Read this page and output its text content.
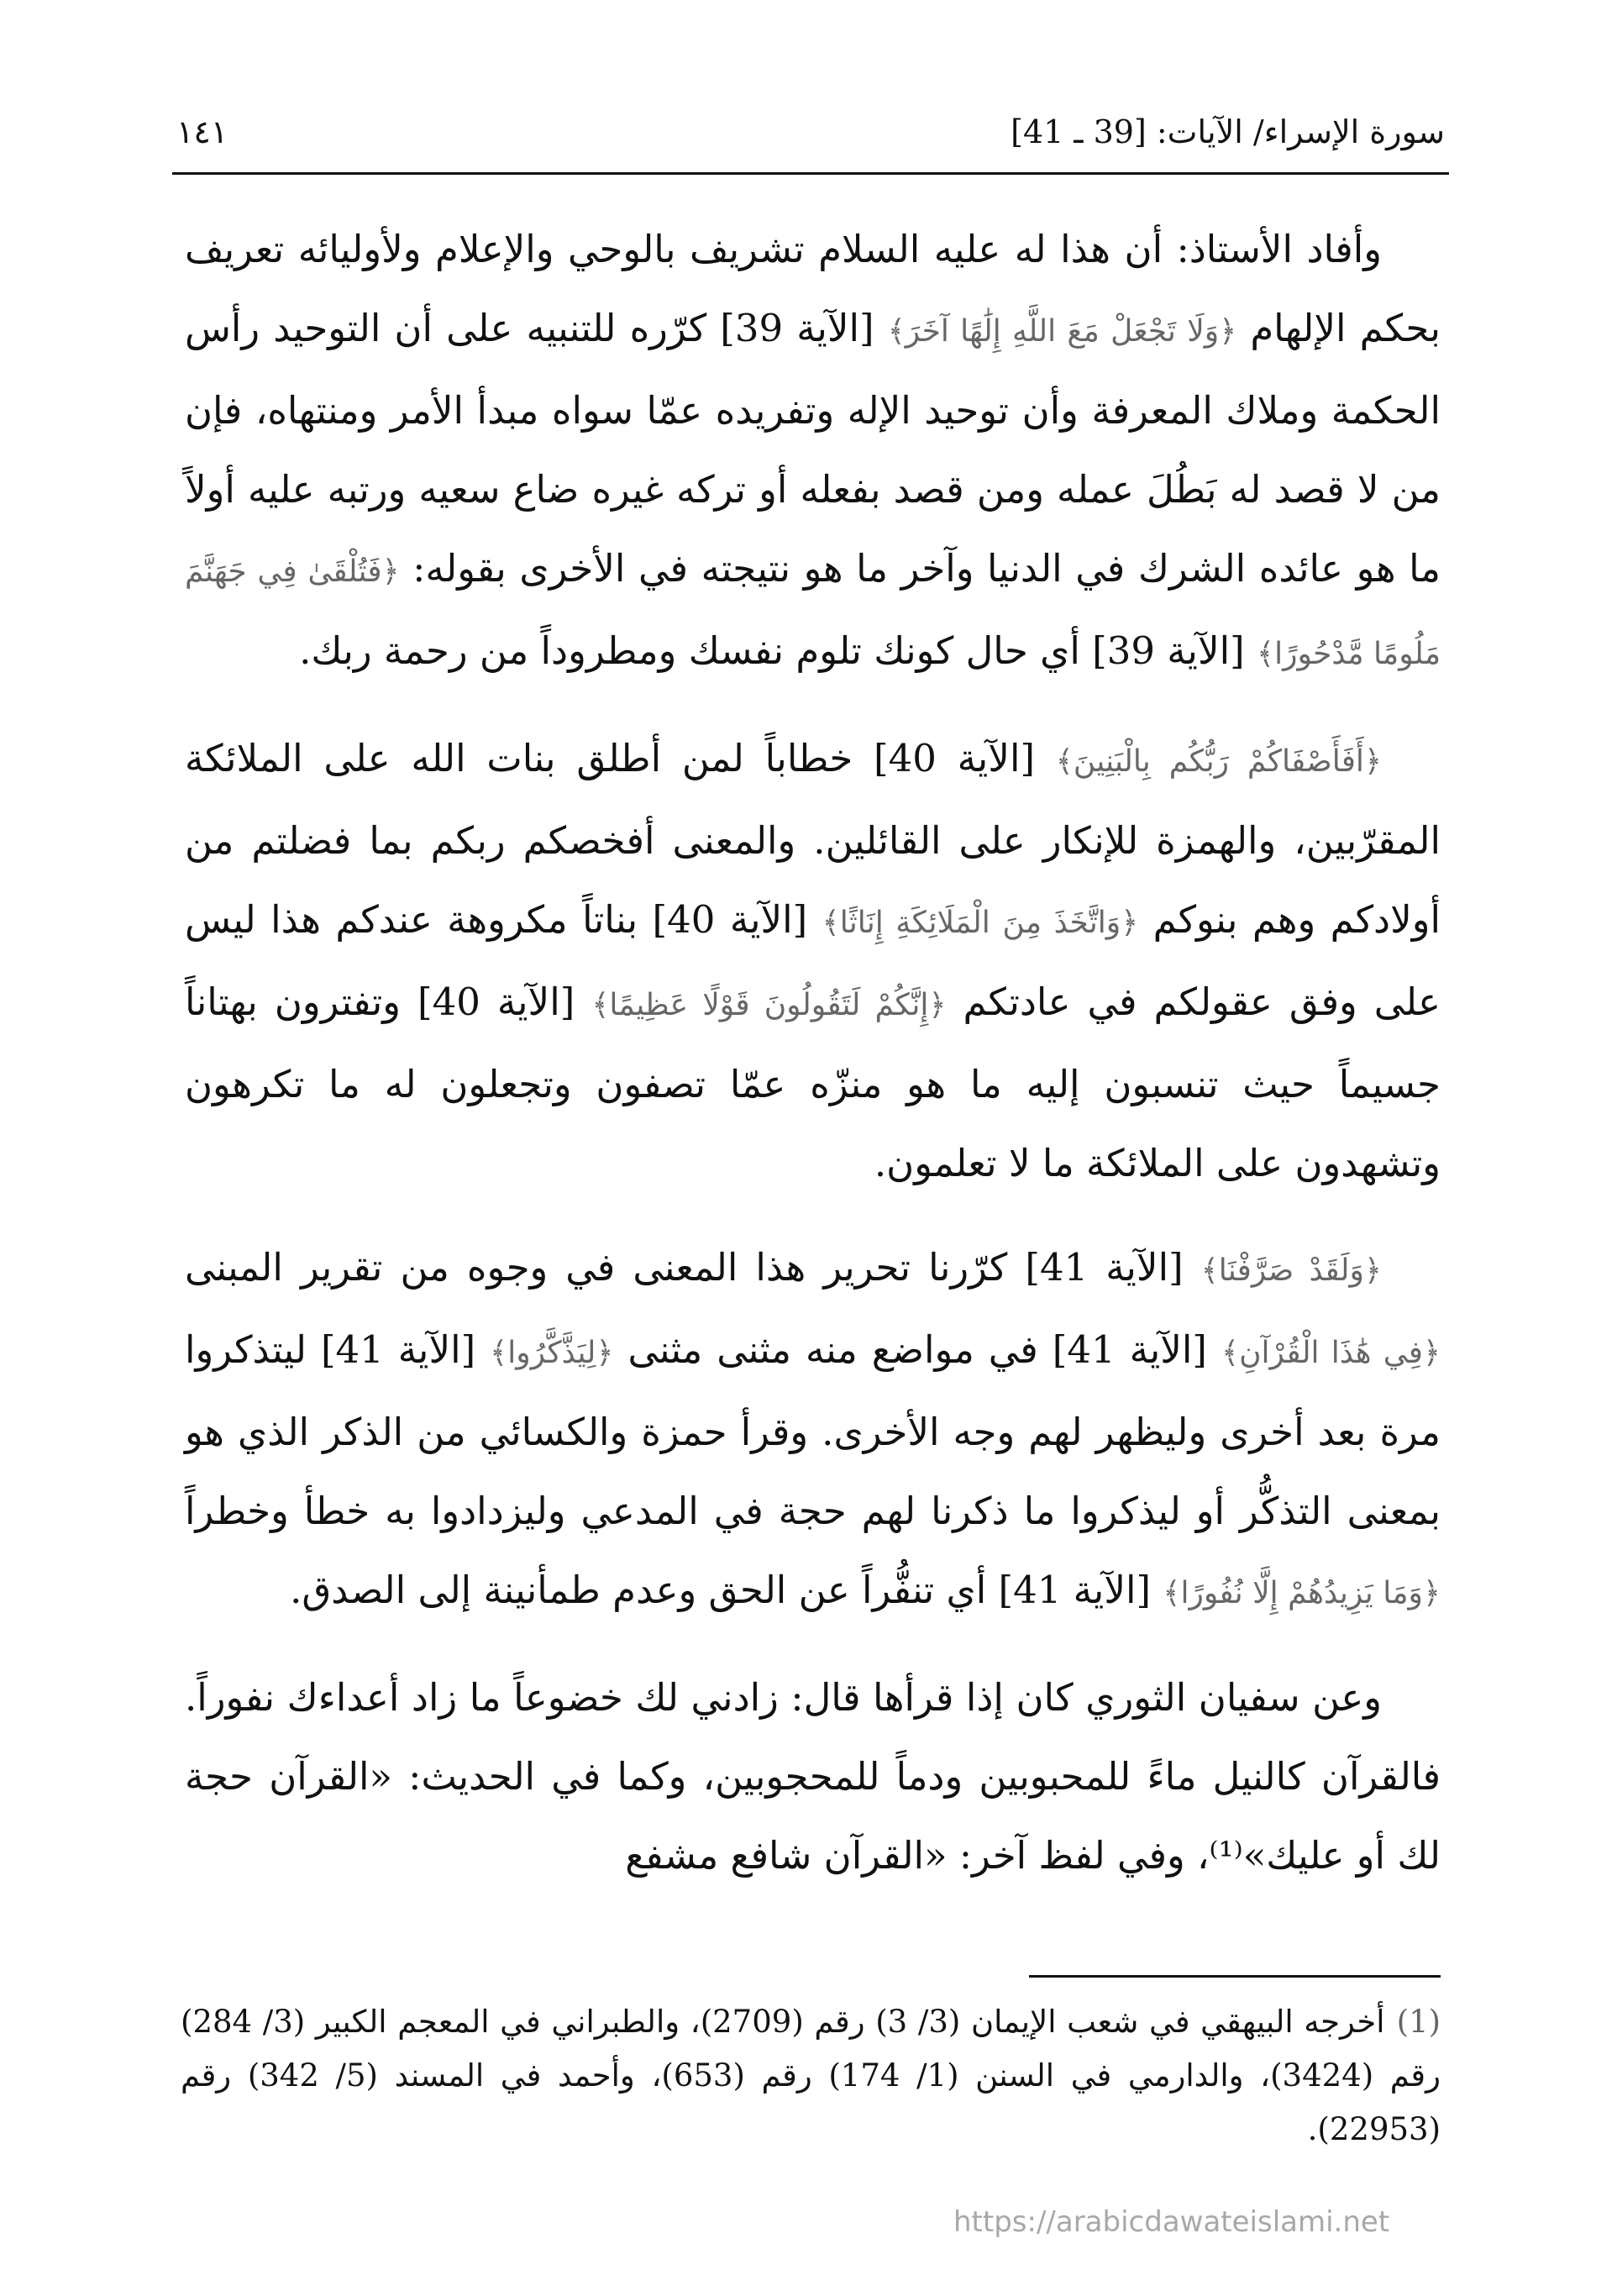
سورة الإسراء/ الآيات: [39 ـ 41]
١٤١

وأفاد الأستاذ: أن هذا له عليه السلام تشريف بالوحي والإعلام ولأوليائه تعريف بحكم الإلهام ﴿وَلَا تَجْعَلْ مَعَ اللَّهِ إِلَٰهًا آخَرَ﴾ [الآية 39] كرّره للتنبيه على أن التوحيد رأس الحكمة وملاك المعرفة وأن توحيد الإله وتفريده عمّا سواه مبدأ الأمر ومنتهاه، فإن من لا قصد له بَطُلَ عمله ومن قصد بفعله أو تركه غيره ضاع سعيه ورتبه عليه أولاً ما هو عائده الشرك في الدنيا وآخر ما هو نتيجته في الأخرى بقوله: ﴿فَتُلْقَىٰ فِي جَهَنَّمَ مَلُومًا مَّدْحُورًا﴾ [الآية 39] أي حال كونك تلوم نفسك ومطروداً من رحمة ربك.

﴿أَفَأَصْفَاكُمْ رَبُّكُم بِالْبَنِينَ﴾ [الآية 40] خطاباً لمن أطلق بنات الله على الملائكة المقرّبين، والهمزة للإنكار على القائلين. والمعنى أفخصكم ربكم بما فضلتم من أولادكم وهم بنوكم ﴿وَاتَّخَذَ مِنَ الْمَلَائِكَةِ إِنَاثًا﴾ [الآية 40] بناتاً مكروهة عندكم هذا ليس على وفق عقولكم في عادتكم ﴿إِنَّكُمْ لَتَقُولُونَ قَوْلًا عَظِيمًا﴾ [الآية 40] وتفترون بهتاناً جسيماً حيث تنسبون إليه ما هو منزّه عمّا تصفون وتجعلون له ما تكرهون وتشهدون على الملائكة ما لا تعلمون.

﴿وَلَقَدْ صَرَّفْنَا﴾ [الآية 41] كرّرنا تحرير هذا المعنى في وجوه من تقرير المبنى ﴿فِي هَٰذَا الْقُرْآنِ﴾ [الآية 41] في مواضع منه مثنى مثنى ﴿لِيَذَّكَّرُوا﴾ [الآية 41] ليتذكروا مرة بعد أخرى وليظهر لهم وجه الأخرى. وقرأ حمزة والكسائي من الذكر الذي هو بمعنى التذكُّر أو ليذكروا ما ذكرنا لهم حجة في المدعي وليزدادوا به خطأ وخطراً ﴿وَمَا يَزِيدُهُمْ إِلَّا نُفُورًا﴾ [الآية 41] أي تنفُّراً عن الحق وعدم طمأنينة إلى الصدق.

وعن سفيان الثوري كان إذا قرأها قال: زادني لك خضوعاً ما زاد أعداءك نفوراً. فالقرآن كالنيل ماءً للمحبوبين ودماً للمحجوبين، وكما في الحديث: «القرآن حجة لك أو عليك»⁽¹⁾، وفي لفظ آخر: «القرآن شافع مشفع

(1)أخرجه البيهقي في شعب الإيمان (3/ 3) رقم (2709)، والطبراني في المعجم الكبير (3/ 284) رقم (3424)، والدارمي في السنن (1/ 174) رقم (653)، وأحمد في المسند (5/ 342) رقم (22953).
https://arabicdawateislami.net
